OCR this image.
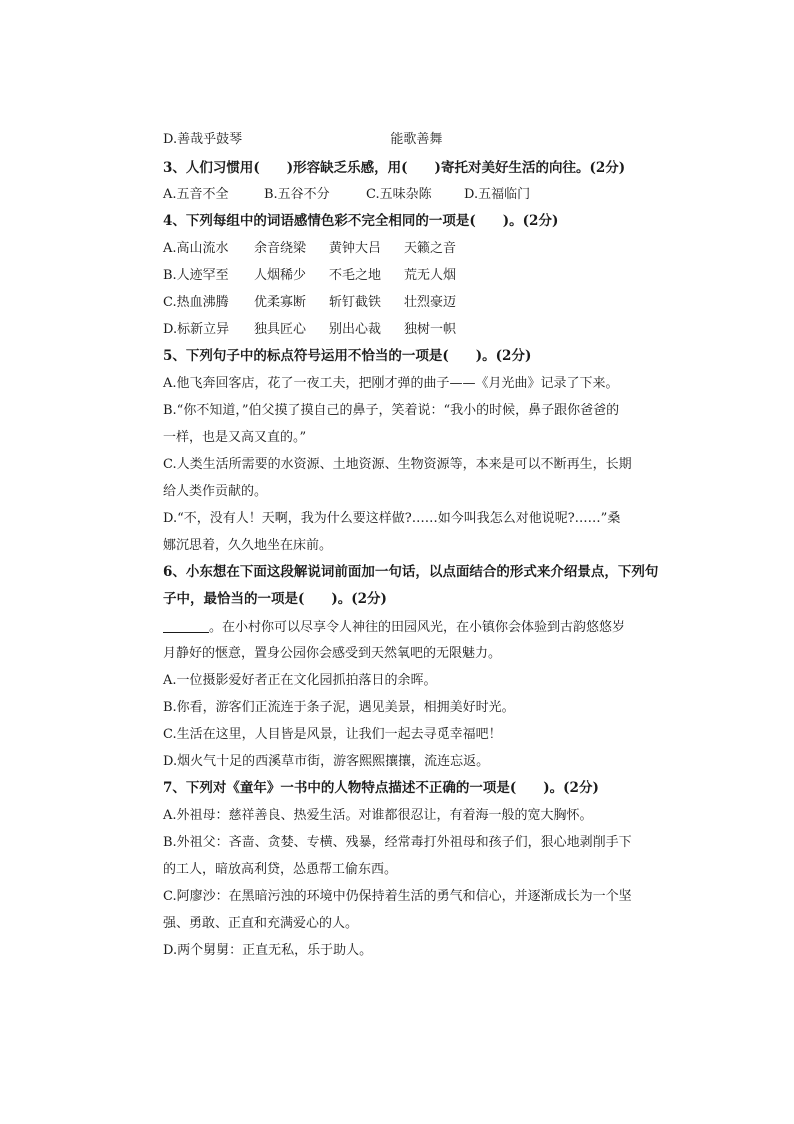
D.善哉乎鼓琴	能歌善舞
3、人们习惯用(　　)形容缺乏乐感，用(　　)寄托对美好生活的向往。(2分)
A.五音不全	B.五谷不分	C.五味杂陈 D.五福临门
4、下列每组中的词语感情色彩不完全相同的一项是(　　)。(2分)
A.高山流水 余音绕梁 黄钟大吕 天籁之音
B.人迹罕至 人烟稀少 不毛之地 荒无人烟
C.热血沸腾 优柔寡断 斩钉截铁 壮烈豪迈
D.标新立异 独具匠心 别出心裁 独树一帜
5、下列句子中的标点符号运用不恰当的一项是(　　)。(2分)
A.他飞奔回客店，花了一夜工夫，把刚才弹的曲子——《月光曲》记录了下来。
B.“你不知道，”伯父摸了摸自己的鼻子，笑着说：“我小的时候，鼻子跟你爸爸的
一样，也是又高又直的。”
C.人类生活所需要的水资源、土地资源、生物资源等，本来是可以不断再生，长期
给人类作贡献的。
D.“不，没有人！天啊，我为什么要这样做?……如今叫我怎么对他说呢?……”桑
娜沉思着，久久地坐在床前。
6、小东想在下面这段解说词前面加一句话，以点面结合的形式来介绍景点，下列句
子中，最恰当的一项是(　　)。(2分)
。在小村你可以尽享令人神往的田园风光，在小镇你会体验到古韵悠悠岁
月静好的惬意，置身公园你会感受到天然氧吧的无限魅力。
A.一位摄影爱好者正在文化园抓拍落日的余晖。
B.你看，游客们正流连于条子泥，遇见美景，相拥美好时光。
C.生活在这里，人目皆是风景，让我们一起去寻觅幸福吧！
D.烟火气十足的西溪草市街，游客熙熙攘攘，流连忘返。
7、下列对《童年》一书中的人物特点描述不正确的一项是(　　)。(2分)
A.外祖母：慈祥善良、热爱生活。对谁都很忍让，有着海一般的宽大胸怀。
B.外祖父：吝啬、贪婪、专横、残暴，经常毒打外祖母和孩子们，狠心地剥削手下
的工人，暗放高利贷，怂恿帮工偷东西。
C.阿廖沙：在黑暗污浊的环境中仍保持着生活的勇气和信心，并逐渐成长为一个坚
强、勇敢、正直和充满爱心的人。
D.两个舅舅：正直无私，乐于助人。
